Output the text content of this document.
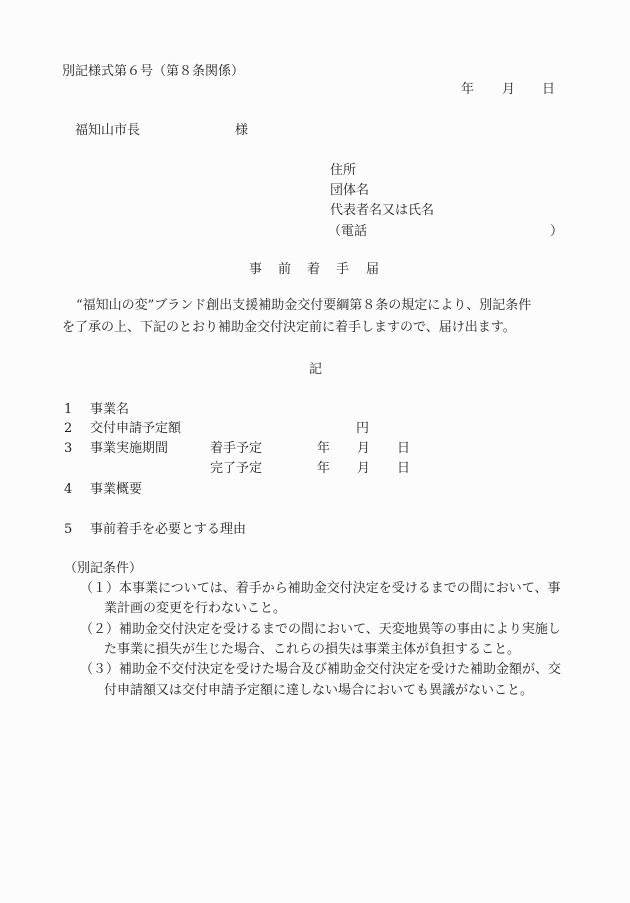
別記様式第６号（第８条関係）
年 月 日
福知山市長	様
住所
団体名
代表者名又は氏名
（電話	）
事 前 着 手 届
“福知山の変”ブランド創出支援補助金交付要綱第８条の規定により、別記条件
を了承の上、下記のとおり補助金交付決定前に着手しますので、届け出ます。
記
1 事業名
2 交付申請予定額	円
3 事業実施期間	着手予定	年 月 日
完了予定	年 月 日
4 事業概要
5 事前着手を必要とする理由
（別記条件）
（１）本事業については、着手から補助金交付決定を受けるまでの間において、事
業計画の変更を行わないこと。
（２）補助金交付決定を受けるまでの間において、天変地異等の事由により実施し
た事業に損失が生じた場合、これらの損失は事業主体が負担すること。
（３）補助金不交付決定を受けた場合及び補助金交付決定を受けた補助金額が、交
付申請額又は交付申請予定額に達しない場合においても異議がないこと。
